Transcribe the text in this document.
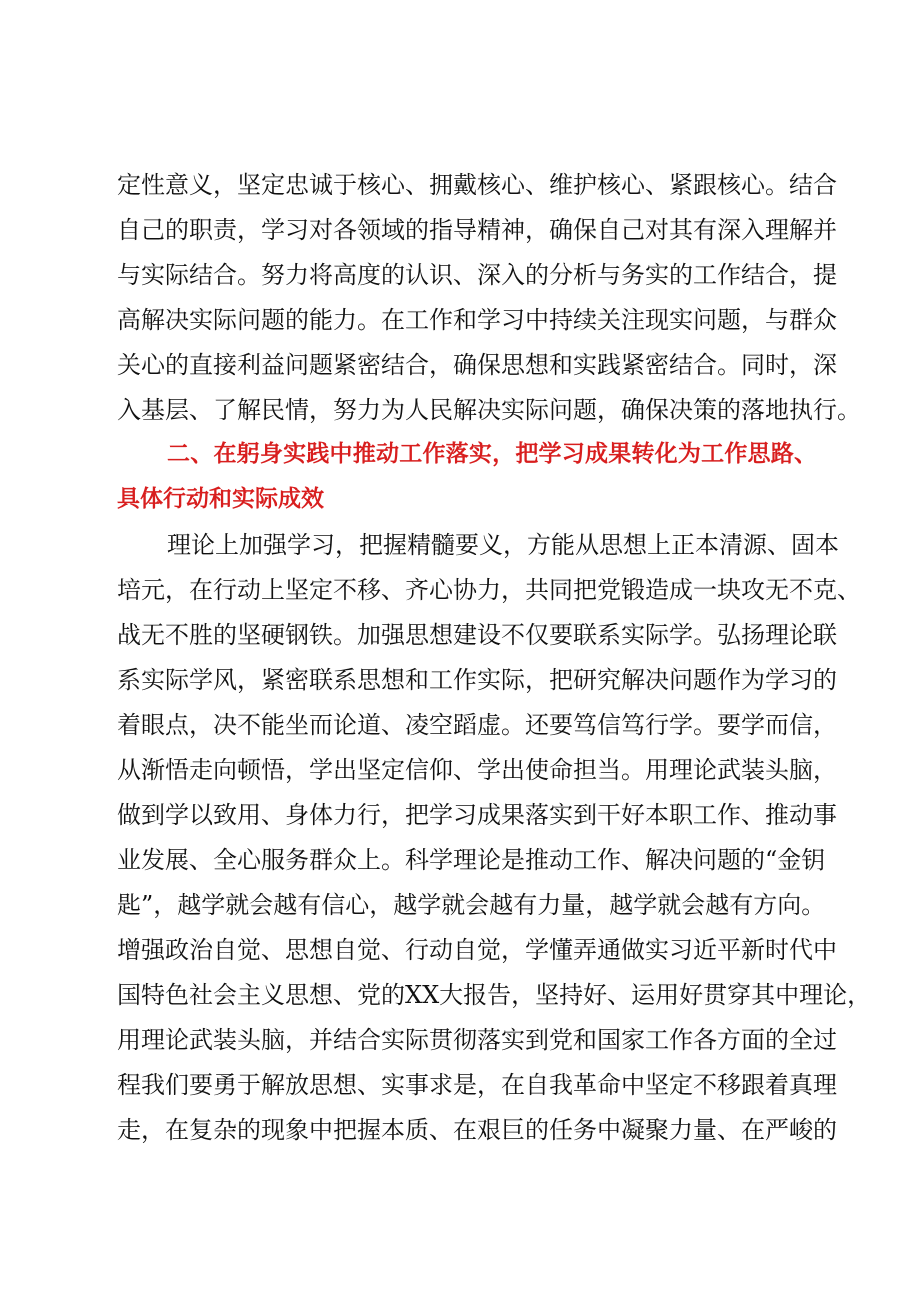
定性意义，坚定忠诚于核心、拥戴核心、维护核心、紧跟核心。结合
自己的职责，学习对各领域的指导精神，确保自己对其有深入理解并
与实际结合。努力将高度的认识、深入的分析与务实的工作结合，提
高解决实际问题的能力。在工作和学习中持续关注现实问题，与群众
关心的直接利益问题紧密结合，确保思想和实践紧密结合。同时，深
入基层、了解民情，努力为人民解决实际问题，确保决策的落地执行。
二、在躬身实践中推动工作落实，把学习成果转化为工作思路、
具体行动和实际成效
理论上加强学习，把握精髓要义，方能从思想上正本清源、固本
培元，在行动上坚定不移、齐心协力，共同把党锻造成一块攻无不克、
战无不胜的坚硬钢铁。加强思想建设不仅要联系实际学。弘扬理论联
系实际学风，紧密联系思想和工作实际，把研究解决问题作为学习的
着眼点，决不能坐而论道、凌空蹈虚。还要笃信笃行学。要学而信，
从渐悟走向顿悟，学出坚定信仰、学出使命担当。用理论武装头脑，
做到学以致用、身体力行，把学习成果落实到干好本职工作、推动事
业发展、全心服务群众上。科学理论是推动工作、解决问题的“金钥
匙”，越学就会越有信心，越学就会越有力量，越学就会越有方向。
增强政治自觉、思想自觉、行动自觉，学懂弄通做实习近平新时代中
国特色社会主义思想、党的XX大报告，坚持好、运用好贯穿其中理论，
用理论武装头脑，并结合实际贯彻落实到党和国家工作各方面的全过
程我们要勇于解放思想、实事求是，在自我革命中坚定不移跟着真理
走，在复杂的现象中把握本质、在艰巨的任务中凝聚力量、在严峻的
